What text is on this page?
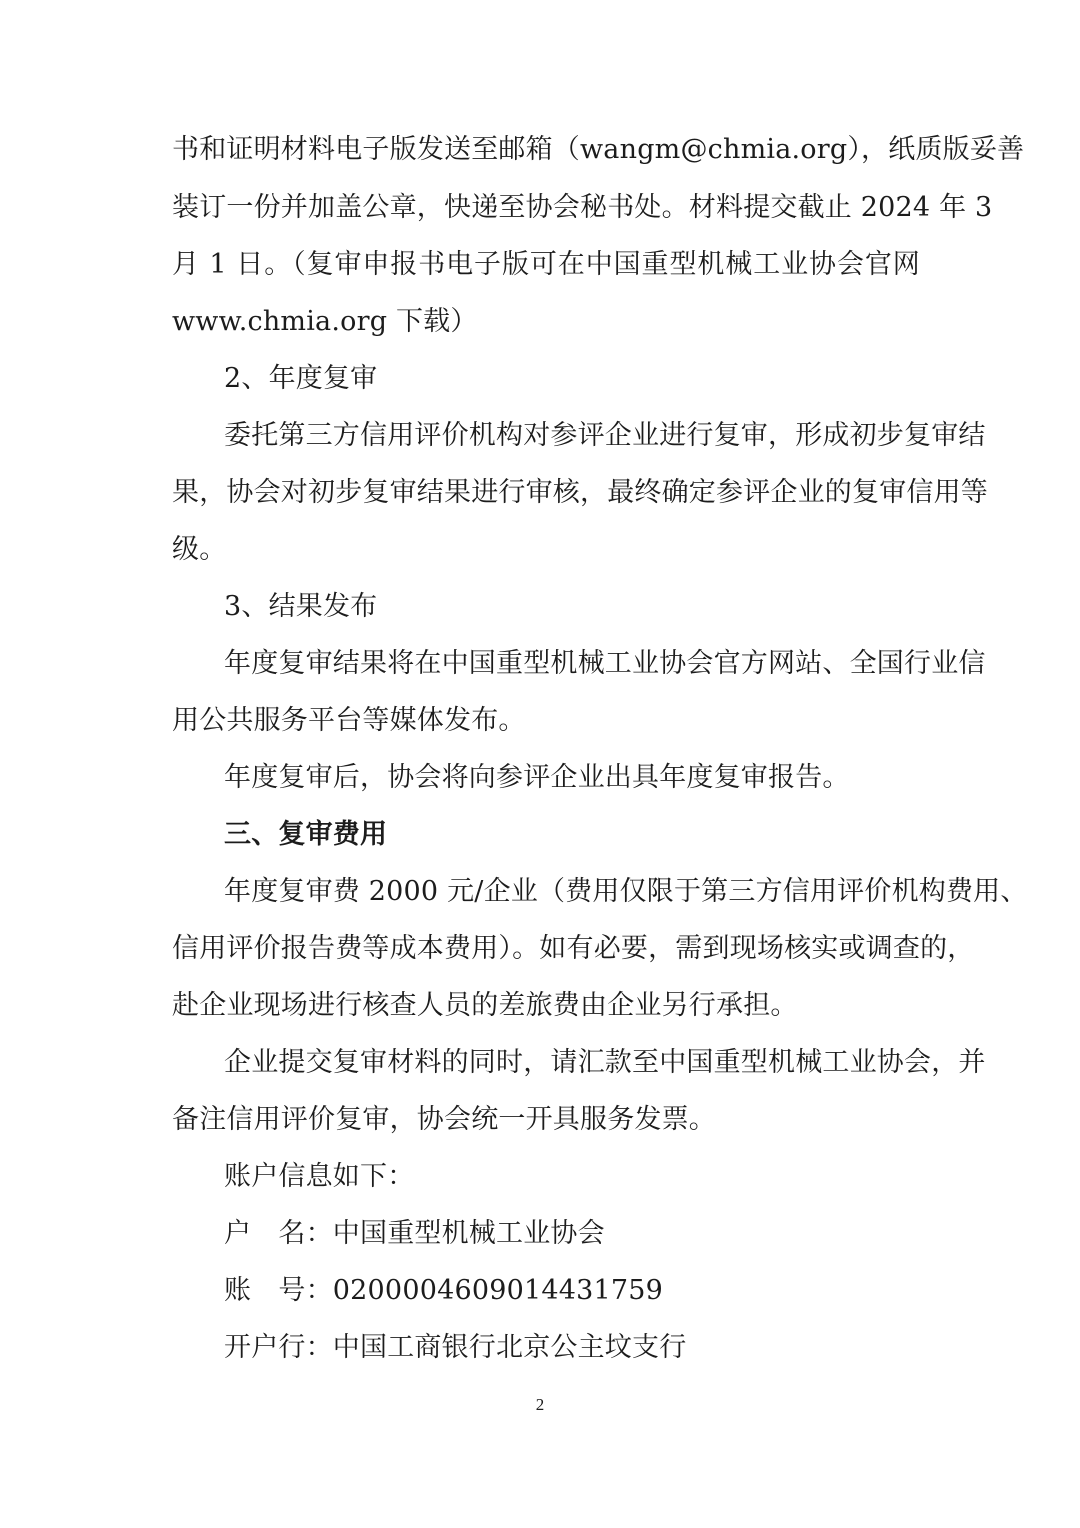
书和证明材料电子版发送至邮箱（wangm@chmia.org），纸质版妥善
装订一份并加盖公章，快递至协会秘书处。材料提交截止 2024 年 3
月 1 日。（复审申报书电子版可在中国重型机械工业协会官网
www.chmia.org 下载）
2、年度复审
委托第三方信用评价机构对参评企业进行复审，形成初步复审结
果，协会对初步复审结果进行审核，最终确定参评企业的复审信用等
级。
3、结果发布
年度复审结果将在中国重型机械工业协会官方网站、全国行业信
用公共服务平台等媒体发布。
年度复审后，协会将向参评企业出具年度复审报告。
三、复审费用
年度复审费 2000 元/企业（费用仅限于第三方信用评价机构费用、
信用评价报告费等成本费用）。如有必要，需到现场核实或调查的，
赴企业现场进行核查人员的差旅费由企业另行承担。
企业提交复审材料的同时，请汇款至中国重型机械工业协会，并
备注信用评价复审，协会统一开具服务发票。
账户信息如下：
户　名：中国重型机械工业协会
账　号：0200004609014431759
开户行：中国工商银行北京公主坟支行
2
